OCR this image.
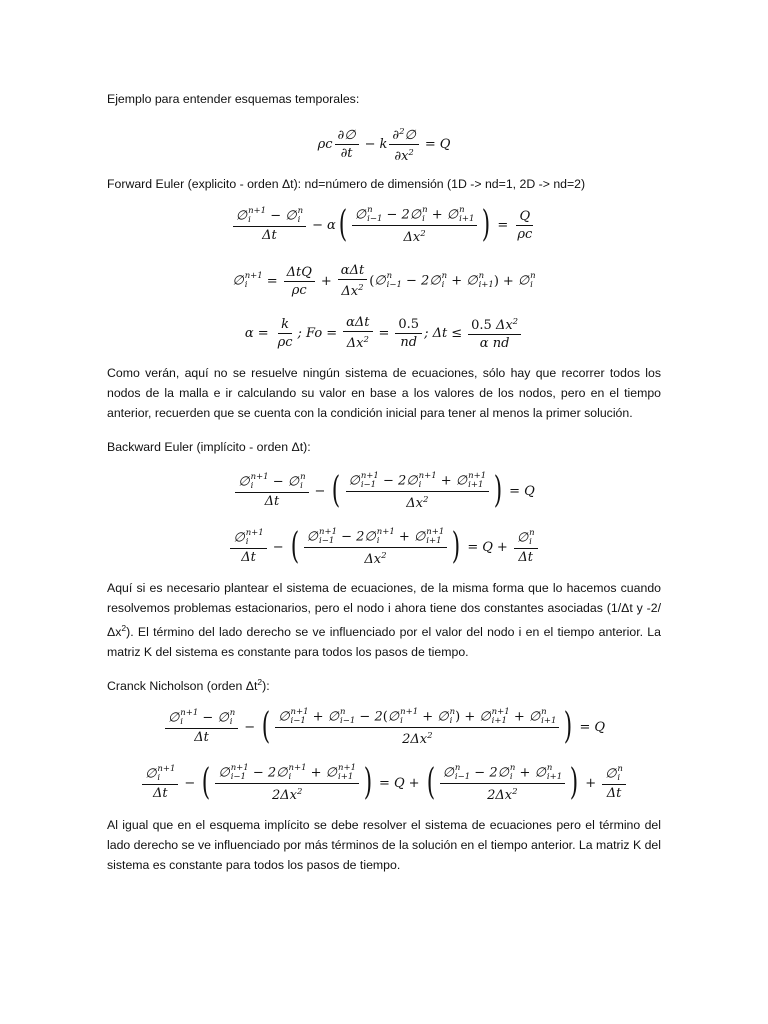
Ejemplo para entender esquemas temporales:

ρc $\frac{\partial\emptyset}{\partial t} - k \frac{\partial^2\emptyset}{\partial x^2} = Q$

Forward Euler (explicito - orden Δt): nd=número de dimensión (1D -> nd=1, 2D -> nd=2)

∅ n+1
i	− ∅ n
i
Δt − α ( ∅ n
i−1 − 2∅ n
i + ∅ n
i+1
$\Delta x^2$ ) = $\frac{Q}{\rho c}$
∅ n+1
i	= $\frac{\text{ΔtQ}}{\rho c} + \frac{\text{αΔt}}{\Delta x^2}$ ( ∅ n
i−1 − 2∅ n
i + ∅ n
i+1 ) + ∅ n
i
$\alpha = \frac{k}{\rho c}$ ; $Fo = \frac{\text{αΔt}}{\Delta x^2} = \frac{0.5}{nd}$ ; $\Delta t \le \frac{0.5 \Delta x^2}{\text{α nd}}$

Como verán, aquí no se resuelve ningún sistema de ecuaciones, sólo hay que recorrer todos los nodos de la malla e ir calculando su valor en base a los valores de los nodos, pero en el tiempo anterior, recuerden que se cuenta con la condición inicial para tener al menos la primer solución.

Backward Euler (implícito - orden Δt):

∅ n+1
i	− ∅ n
i
Δt − ( ∅ n+1
i−1 − 2∅ n+1
i	+ ∅ n+1
i+1
$\Delta x^2$ ) = Q
∅ n+1
i
Δt − ( ∅ n+1
i−1 − 2∅ n+1
i	+ ∅ n+1
i+1
$\Delta x^2$ ) = Q + ∅ n
i
Δt

Aquí si es necesario plantear el sistema de ecuaciones, de la misma forma que lo hacemos cuando resolvemos problemas estacionarios, pero el nodo i ahora tiene dos constantes asociadas (1/Δt y $-2/\Delta x^2$). El término del lado derecho se ve influenciado por el valor del nodo i en el tiempo anterior. La matriz K del sistema es constante para todos los pasos de tiempo.

Cranck Nicholson (orden $\Delta t^2$):

∅ n+1
i	− ∅ n
i
Δt − ( ∅ n+1
i−1 + ∅ n
i−1 − 2(∅ n+1
i	+ ∅ n
i ) + ∅ n+1
i+1 + ∅ n
i+1
$2\Delta x^2$ ) = Q
∅ n+1
i
Δt − ( ∅ n+1
i−1 − 2∅ n+1
i	+ ∅ n+1
i+1
$2\Delta x^2$ ) = Q + ( ∅ n
i−1 − 2∅ n
i + ∅ n
i+1
$2\Delta x^2$ ) + ∅ n
i
Δt

Al igual que en el esquema implícito se debe resolver el sistema de ecuaciones pero el término del lado derecho se ve influenciado por más términos de la solución en el tiempo anterior. La matriz K del sistema es constante para todos los pasos de tiempo.
